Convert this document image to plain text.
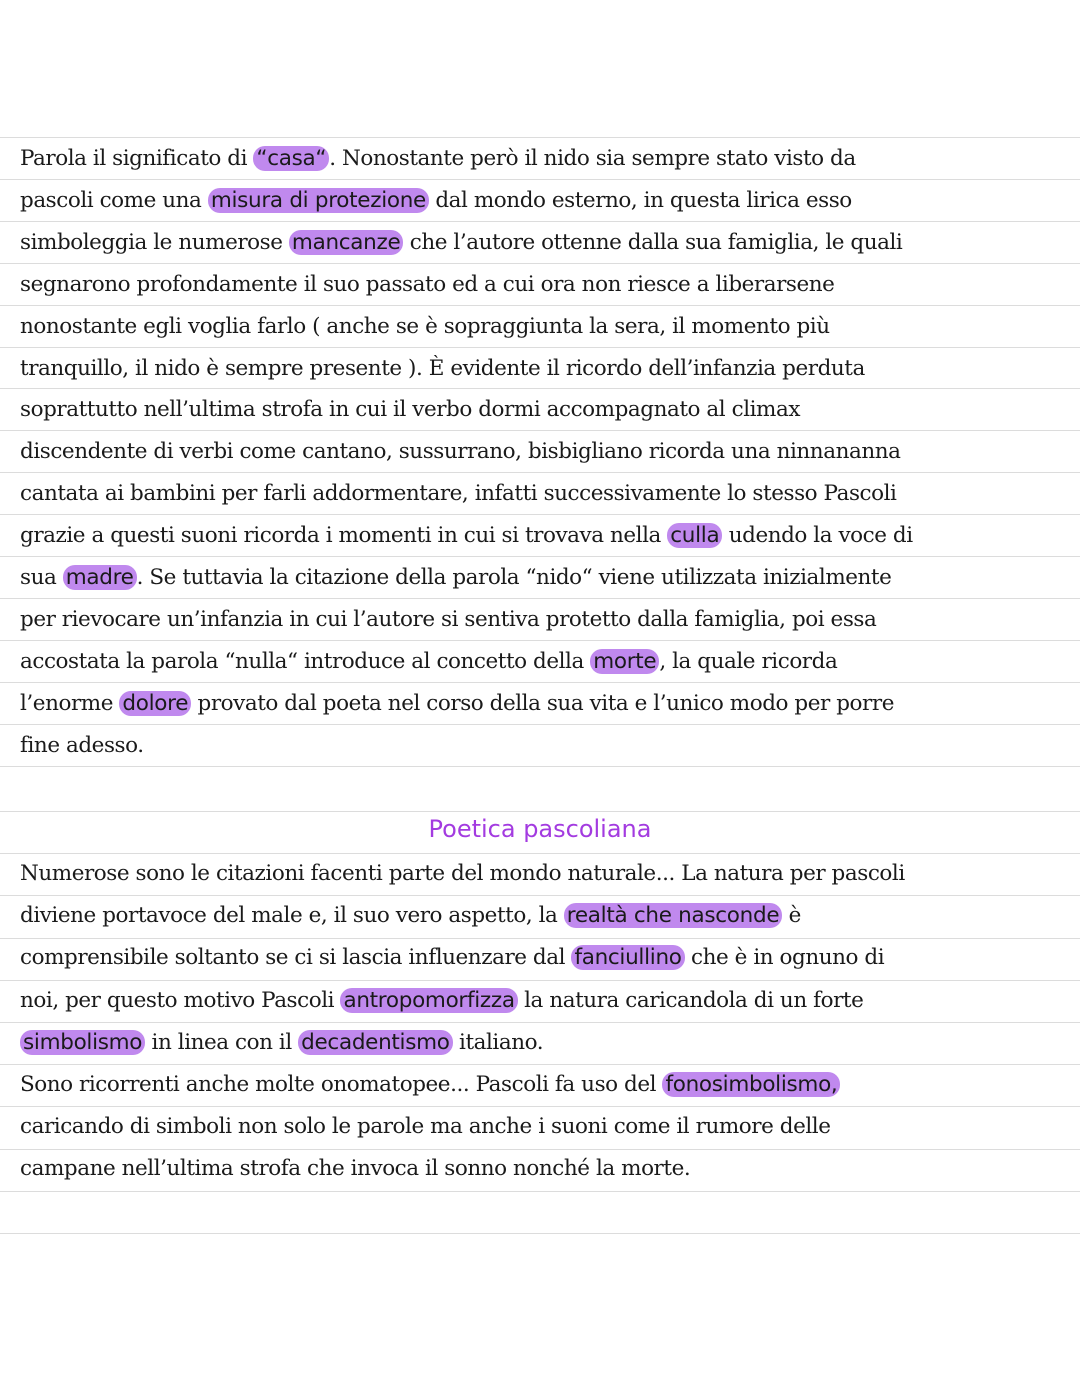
Parola il significato di “casa“ . Nonostante però il nido sia sempre stato visto da
pascoli come una misura di protezione dal mondo esterno, in questa lirica esso
simboleggia le numerose mancanze che l’autore ottenne dalla sua famiglia, le quali
segnarono profondamente il suo passato ed a cui ora non riesce a liberarsene
nonostante egli voglia farlo ( anche se è sopraggiunta la sera, il momento più
tranquillo, il nido è sempre presente ). È evidente il ricordo dell’infanzia perduta
soprattutto nell’ultima strofa in cui il verbo dormi accompagnato al climax
discendente di verbi come cantano, sussurrano, bisbigliano ricorda una ninnananna
cantata ai bambini per farli addormentare, infatti successivamente lo stesso Pascoli
grazie a questi suoni ricorda i momenti in cui si trovava nella culla udendo la voce di
sua madre . Se tuttavia la citazione della parola “nido“ viene utilizzata inizialmente
per rievocare un’infanzia in cui l’autore si sentiva protetto dalla famiglia, poi essa
accostata la parola “nulla“ introduce al concetto della morte , la quale ricorda
l’enorme dolore provato dal poeta nel corso della sua vita e l’unico modo per porre
fine adesso.
Poetica pascoliana
Numerose sono le citazioni facenti parte del mondo naturale... La natura per pascoli
diviene portavoce del male e, il suo vero aspetto, la realtà che nasconde è
comprensibile soltanto se ci si lascia influenzare dal fanciullino che è in ognuno di
noi, per questo motivo Pascoli antropomorfizza la natura caricandola di un forte
simbolismo in linea con il decadentismo italiano.
Sono ricorrenti anche molte onomatopee... Pascoli fa uso del fonosimbolismo,
caricando di simboli non solo le parole ma anche i suoni come il rumore delle
campane nell’ultima strofa che invoca il sonno nonché la morte.
